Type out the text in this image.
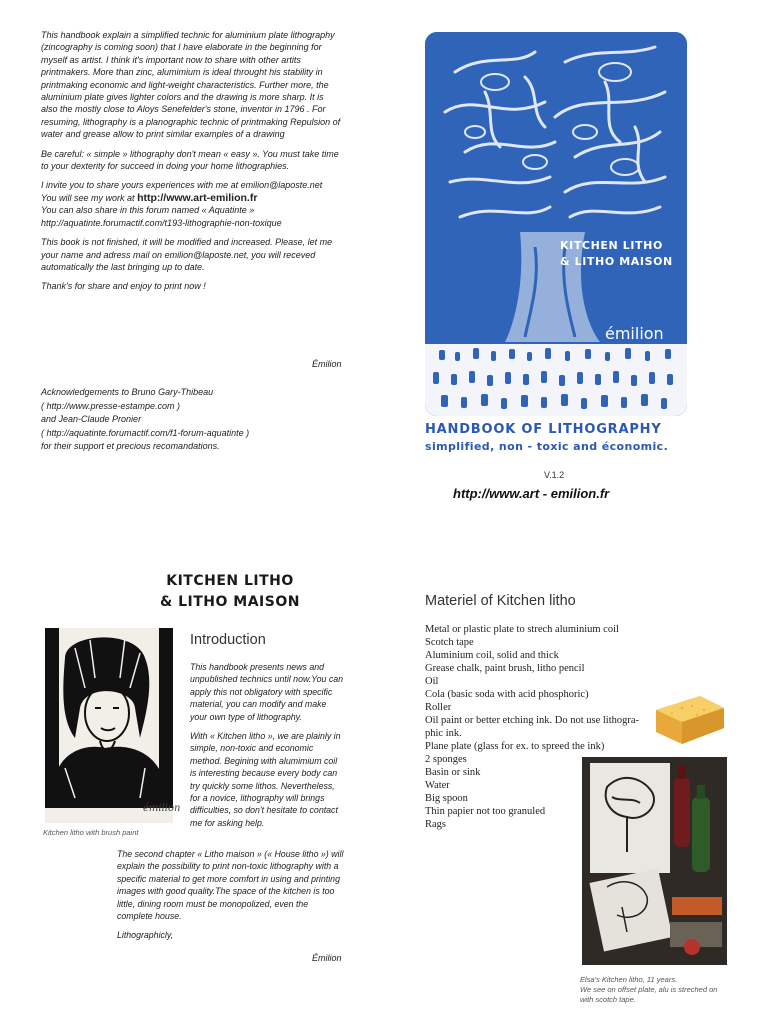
This handbook explain a simplified technic for aluminium plate lithography (zincography is coming soon) that I have elaborate in the beginning for myself as artist. I think it's important now to share with other artits printmakers. More than zinc, alumimium is ideal throught his stability in printmaking economic and light-weight characteristics. Further more, the aluminium plate gives lighter colors and the drawing is more sharp. It is also the mostly close to Aloys Senefelder's stone, inventor in 1796 . For resuming, lithography is a planographic technic of printmaking Repulsion of water and grease allow to print similar examples of a drawing

Be careful: « simple » lithography don't mean « easy ». You must take time to your dexterity for succeed in doing your home lithographies.

I invite you to share yours experiences with me at emilion@laposte.net
You will see my work at http://www.art-emilion.fr
You can also share in this forum named « Aquatinte »
http://aquatinte.forumactif.com/t193-lithographie-non-toxique

This book is not finished, it will be modified and increased. Please, let me your name and adress mail on emilion@laposte.net, you will receved automatically the last bringing up to date.

Thank's for share and enjoy to print now !

Émilion
Acknowledgements to Bruno Gary-Thibeau
( http://www.presse-estampe.com )
and Jean-Claude Pronier
( http://aquatinte.forumactif.com/f1-forum-aquatinte )
for their support et precious recomandations.
KITCHEN LITHO
& LITHO MAISON
émilion
HANDBOOK OF LITHOGRAPHY
simplified, non - toxic and économic.
V.1.2
http://www.art - emilion.fr
KITCHEN LITHO
& LITHO MAISON
émilion
Kitchen litho with brush paint
Introduction

This handbook presents news and unpublished technics until now.You can apply this not obligatory with specific material, you can modify and make your own type of lithography.

With « Kitchen litho », we are plainly in simple, non-toxic and economic method. Begining with alumimium coil is interesting because every body can try quickly some lithos. Nevertheless, for a novice, lithography will brings difficulties, so don't hesitate to contact me for asking help.

The second chapter « Litho maison » (« House litho ») will explain the possibility to print non-toxic lithography with a specific material to get more comfort in using and printing images with good quality.The space of the kitchen is too little, dining room must be monopolized, even the complete house.

Lithographicly,

Émilion
Materiel of Kitchen litho
Metal or plastic plate to strech aluminium coil
Scotch tape
Aluminium coil, solid and thick
Grease chalk, paint brush, litho pencil
Oil
Cola (basic soda with acid phosphoric)
Roller
Oil paint or better etching ink. Do not use lithogra-
phic ink.
Plane plate (glass for ex. to spreed the ink)
2 sponges
Basin or sink
Water
Big spoon
Thin papier not too granuled
Rags
Elsa's Kitchen litho, 11 years.
We see on offset plate, alu is streched on with scotch tape.
